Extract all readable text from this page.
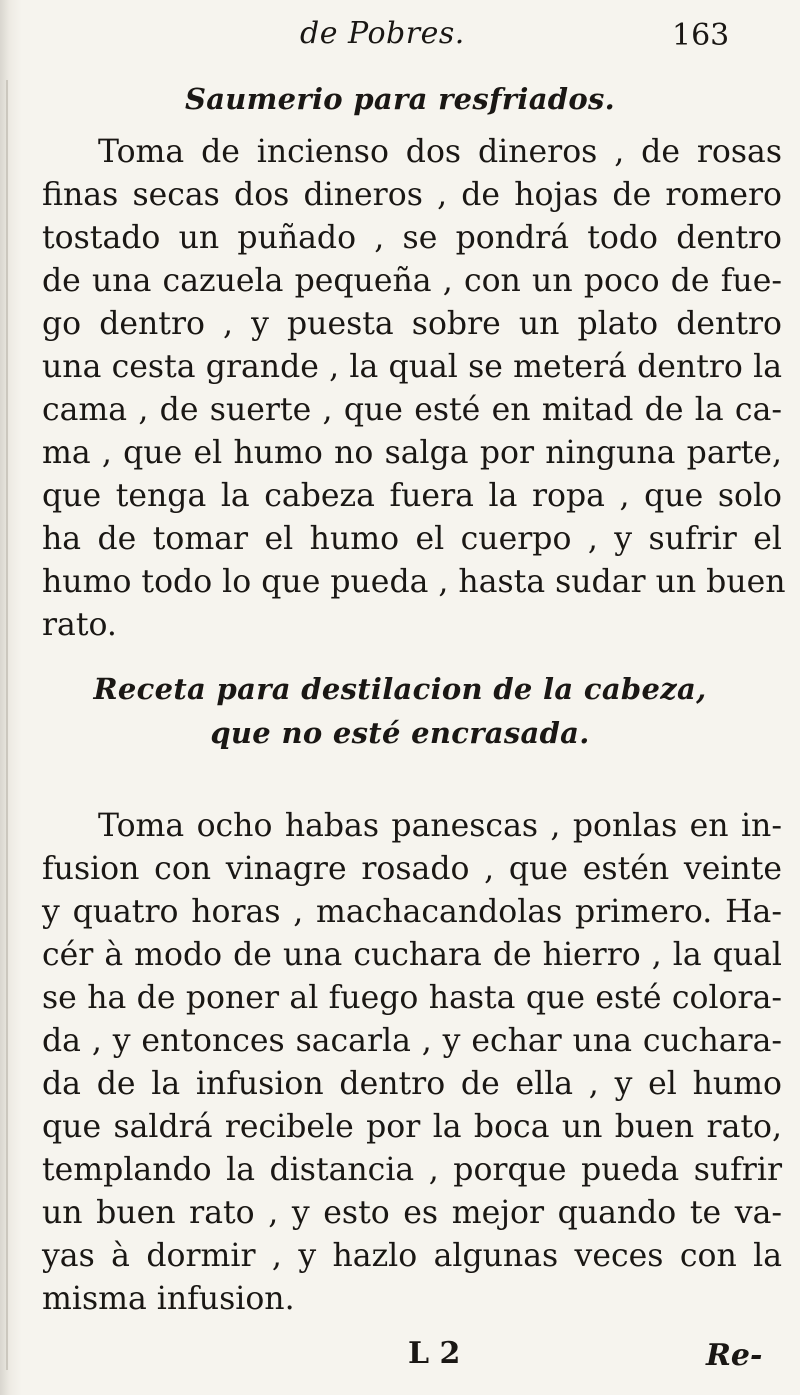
de Pobres.	163
Saumerio para resfriados.
Toma de incienso dos dineros , de rosas
finas secas dos dineros , de hojas de romero
tostado un puñado , se pondrá todo dentro
de una cazuela pequeña , con un poco de fue-
go dentro , y puesta sobre un plato dentro
una cesta grande , la qual se meterá dentro la
cama , de suerte , que esté en mitad de la ca-
ma , que el humo no salga por ninguna parte,
que tenga la cabeza fuera la ropa , que solo
ha de tomar el humo el cuerpo , y sufrir el
humo todo lo que pueda , hasta sudar un buen
rato.
Receta para destilacion de la cabeza,
que no esté encrasada.
Toma ocho habas panescas , ponlas en in-
fusion con vinagre rosado , que estén veinte
y quatro horas , machacandolas primero. Ha-
cér à modo de una cuchara de hierro , la qual
se ha de poner al fuego hasta que esté colora-
da , y entonces sacarla , y echar una cuchara-
da de la infusion dentro de ella , y el humo
que saldrá recibele por la boca un buen rato,
templando la distancia , porque pueda sufrir
un buen rato , y esto es mejor quando te va-
yas à dormir , y hazlo algunas veces con la
misma infusion.
L 2	Re-
